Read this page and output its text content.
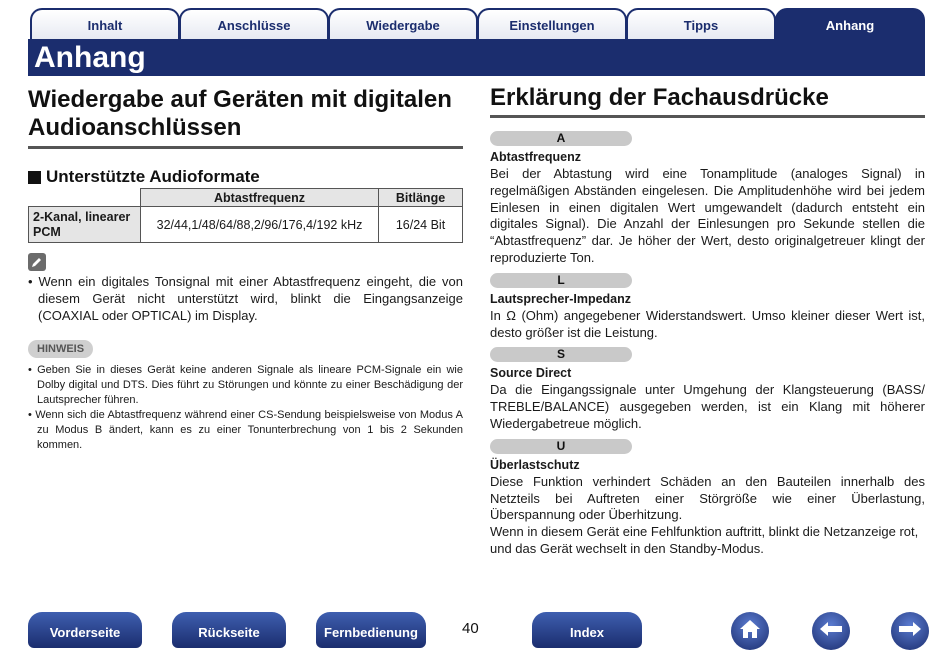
Inhalt	Anschlüsse	Wiedergabe	Einstellungen	Tipps	Anhang
Anhang
Wiedergabe auf Geräten mit digitalen Audioanschlüssen
Unterstützte Audioformate
	Abtastfrequenz	Bitlänge
2-Kanal, linearer PCM	32/44,1/48/64/88,2/96/176,4/192 kHz	16/24 Bit
• Wenn ein digitales Tonsignal mit einer Abtastfrequenz eingeht, die von diesem Gerät nicht unterstützt wird, blinkt die Eingangsanzeige (COAXIAL oder OPTICAL) im Display.
HINWEIS
• Geben Sie in dieses Gerät keine anderen Signale als lineare PCM-Signale ein wie Dolby digital und DTS. Dies führt zu Störungen und könnte zu einer Beschädigung der Lautsprecher führen.
• Wenn sich die Abtastfrequenz während einer CS-Sendung beispielsweise von Modus A zu Modus B ändert, kann es zu einer Tonunterbrechung von 1 bis 2 Sekunden kommen.
Erklärung der Fachausdrücke
A
Abtastfrequenz
Bei der Abtastung wird eine Tonamplitude (analoges Signal) in regelmäßigen Abständen eingelesen. Die Amplitudenhöhe wird bei jedem Einlesen in einen digitalen Wert umgewandelt (dadurch entsteht ein digitales Signal). Die Anzahl der Einlesungen pro Sekunde stellen die “Abtastfrequenz” dar. Je höher der Wert, desto originalgetreuer klingt der reproduzierte Ton.
L
Lautsprecher-Impedanz
In Ω (Ohm) angegebener Widerstandswert. Umso kleiner dieser Wert ist, desto größer ist die Leistung.
S
Source Direct
Da die Eingangssignale unter Umgehung der Klangsteuerung (BASS/ TREBLE/BALANCE) ausgegeben werden, ist ein Klang mit höherer Wiedergabetreue möglich.
U
Überlastschutz
Diese Funktion verhindert Schäden an den Bauteilen innerhalb des Netzteils bei Auftreten einer Störgröße wie einer Überlastung, Überspannung oder Überhitzung.
Wenn in diesem Gerät eine Fehlfunktion auftritt, blinkt die Netzanzeige rot, und das Gerät wechselt in den Standby-Modus.
Vorderseite	Rückseite	Fernbedienung	40	Index
